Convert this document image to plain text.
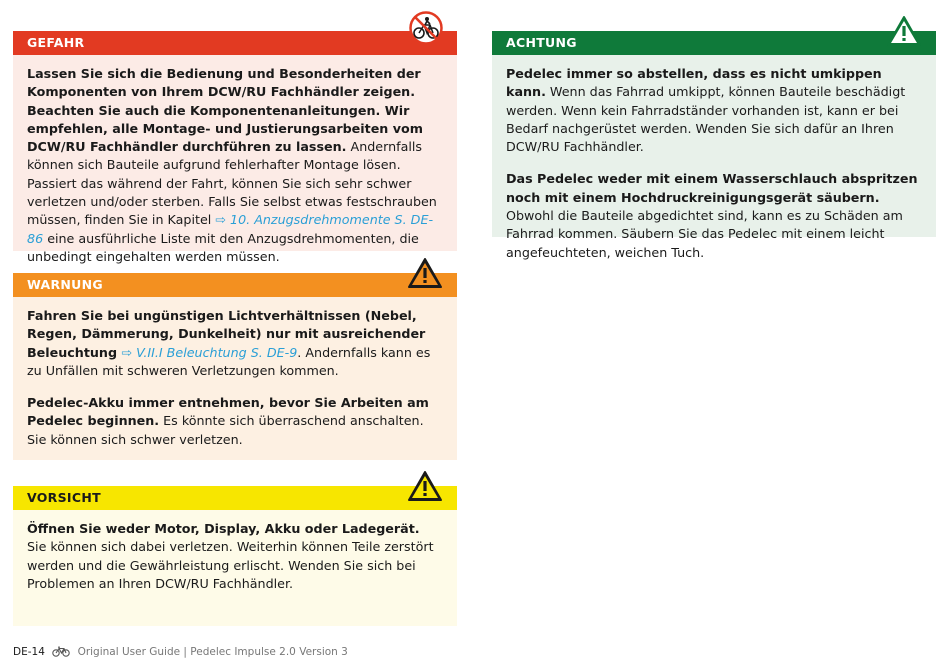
GEFAHR

Lassen Sie sich die Bedienung und Besonderheiten der Komponenten von Ihrem DCW/RU Fachhändler zeigen. Beachten Sie auch die Komponentenanleitungen. Wir empfehlen, alle Montage- und Justierungsarbeiten vom DCW/RU Fachhändler durchführen zu lassen. Andernfalls können sich Bauteile aufgrund fehlerhafter Montage lösen. Passiert das während der Fahrt, können Sie sich sehr schwer verletzen und/oder sterben. Falls Sie selbst etwas festschrauben müssen, finden Sie in Kapitel ⇨ 10. Anzugsdrehmomente S. DE-86 eine ausführliche Liste mit den Anzugsdrehmomenten, die unbedingt eingehalten werden müssen.

WARNUNG

Fahren Sie bei ungünstigen Lichtverhältnissen (Nebel, Regen, Dämmerung, Dunkelheit) nur mit ausreichender Beleuchtung ⇨ V.II.I Beleuchtung S. DE-9. Andernfalls kann es zu Unfällen mit schweren Verletzungen kommen.

Pedelec-Akku immer entnehmen, bevor Sie Arbeiten am Pedelec beginnen. Es könnte sich überraschend anschalten. Sie können sich schwer verletzen.

VORSICHT

Öffnen Sie weder Motor, Display, Akku oder Ladegerät. Sie können sich dabei verletzen. Weiterhin können Teile zerstört werden und die Gewährleistung erlischt. Wenden Sie sich bei Problemen an Ihren DCW/RU Fachhändler.

ACHTUNG

Pedelec immer so abstellen, dass es nicht umkippen kann. Wenn das Fahrrad umkippt, können Bauteile beschädigt werden. Wenn kein Fahrradständer vorhanden ist, kann er bei Bedarf nachgerüstet werden. Wenden Sie sich dafür an Ihren DCW/RU Fachhändler.

Das Pedelec weder mit einem Wasserschlauch abspritzen noch mit einem Hochdruckreinigungsgerät säubern. Obwohl die Bauteile abgedichtet sind, kann es zu Schäden am Fahrrad kommen. Säubern Sie das Pedelec mit einem leicht angefeuchteten, weichen Tuch.

DE-14	Original User Guide | Pedelec Impulse 2.0 Version 3
